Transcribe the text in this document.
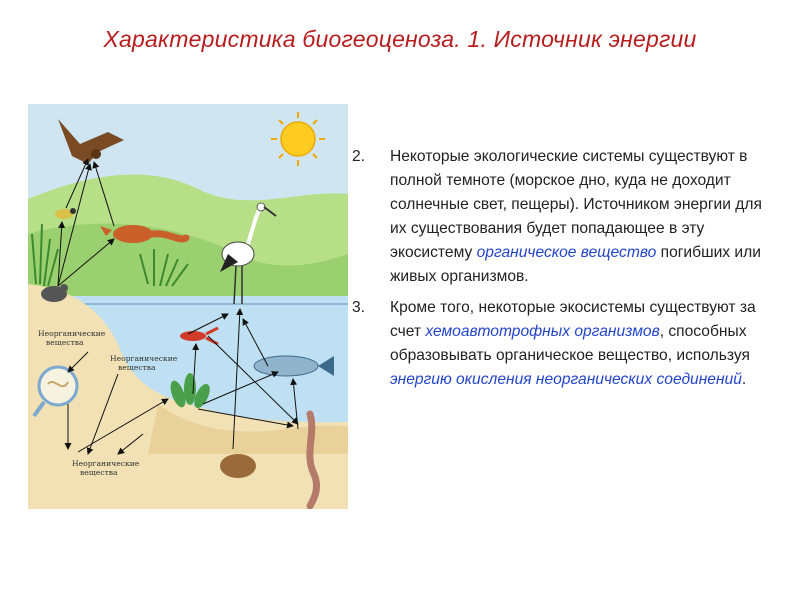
Характеристика биогеоценоза. 1. Источник энергии
Неорганические
вещества
Неорганические
вещества
Неорганические
вещества
2. Некоторые экологические системы существуют в полной темноте (морское дно, куда не доходит солнечные свет, пещеры). Источником энергии для их существования будет попадающее в эту экосистему органическое вещество погибших или живых организмов.
3. Кроме того, некоторые экосистемы существуют за счет хемоавтотрофных организмов, способных образовывать органическое вещество, используя энергию окисления неорганических соединений.
